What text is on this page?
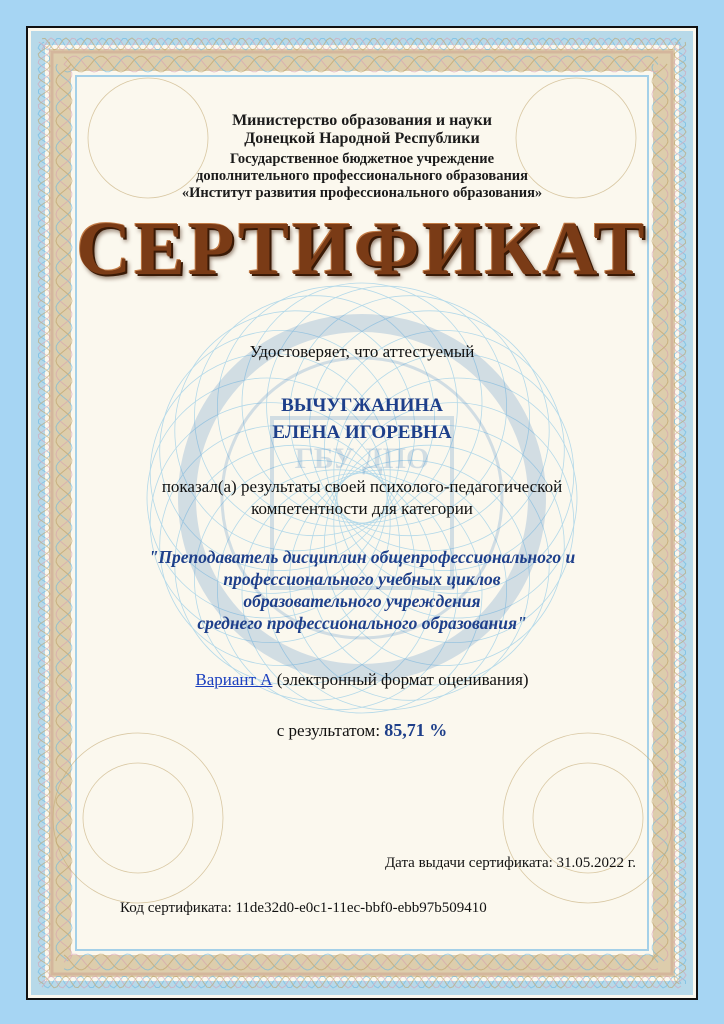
ГБУ ДПО
Министерство образования и науки
Донецкой Народной Республики
Государственное бюджетное учреждение
дополнительного профессионального образования
«Институт развития профессионального образования»
СЕРТИФИКАТ
Удостоверяет, что аттестуемый
ВЫЧУГЖАНИНА
ЕЛЕНА ИГОРЕВНА
показал(а) результаты своей психолого-педагогической
компетентности для категории
"Преподаватель дисциплин общепрофессионального и
профессионального учебных циклов
образовательного учреждения
среднего профессионального образования"
Вариант А (электронный формат оценивания)
с результатом: 85,71 %
Дата выдачи сертификата: 31.05.2022 г.
Код сертификата: 11de32d0-e0c1-11ec-bbf0-ebb97b509410
